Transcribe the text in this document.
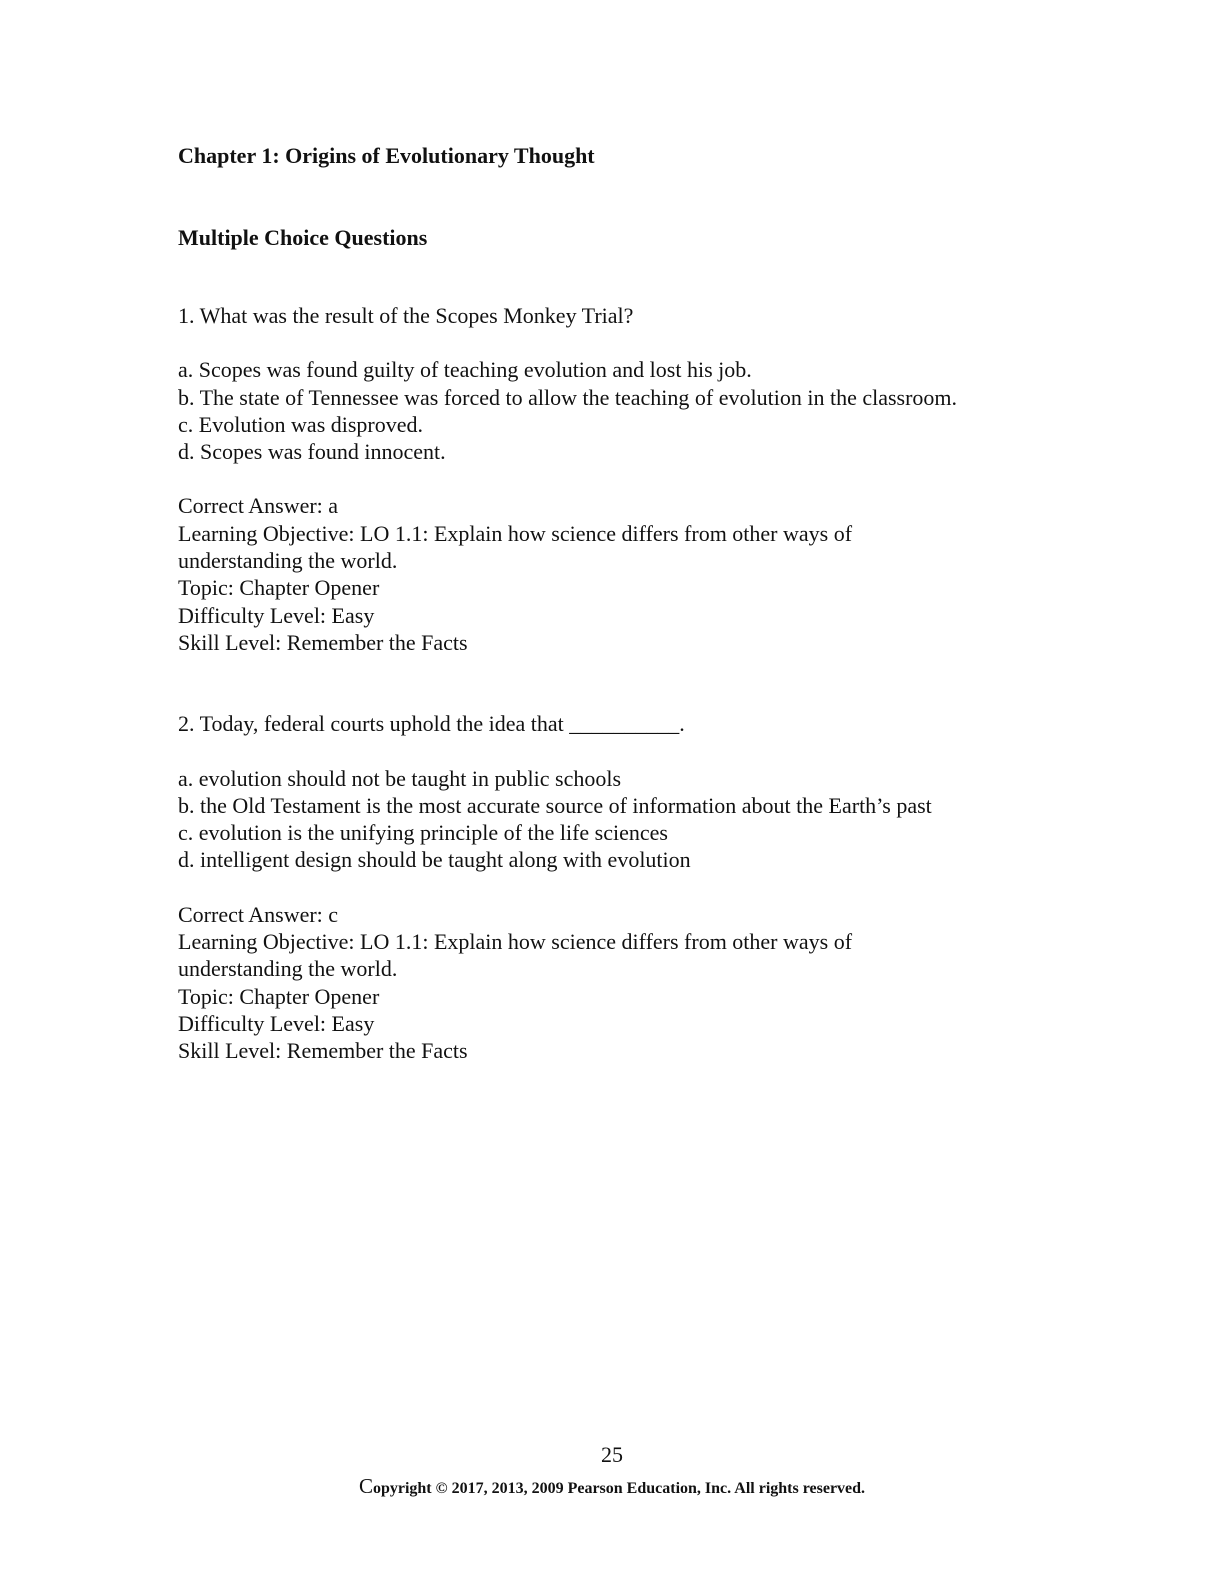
Chapter 1: Origins of Evolutionary Thought

Multiple Choice Questions

1. What was the result of the Scopes Monkey Trial?

a. Scopes was found guilty of teaching evolution and lost his job.

b. The state of Tennessee was forced to allow the teaching of evolution in the classroom.

c. Evolution was disproved.

d. Scopes was found innocent.

Correct Answer: a

Learning Objective: LO 1.1: Explain how science differs from other ways of

understanding the world.

Topic: Chapter Opener

Difficulty Level: Easy

Skill Level: Remember the Facts

2. Today, federal courts uphold the idea that __________.

a. evolution should not be taught in public schools

b. the Old Testament is the most accurate source of information about the Earth’s past

c. evolution is the unifying principle of the life sciences

d. intelligent design should be taught along with evolution

Correct Answer: c

Learning Objective: LO 1.1: Explain how science differs from other ways of

understanding the world.

Topic: Chapter Opener

Difficulty Level: Easy

Skill Level: Remember the Facts

25
Copyright © 2017, 2013, 2009 Pearson Education, Inc. All rights reserved.
